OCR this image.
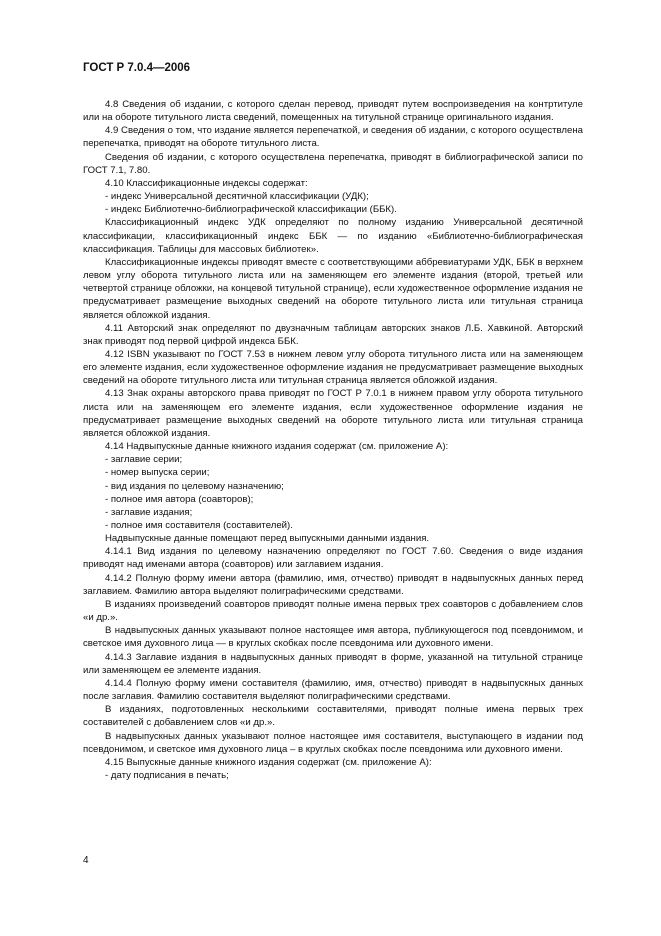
ГОСТ Р 7.0.4—2006

4.8 Сведения об издании, с которого сделан перевод, приводят путем воспроизведения на контртитуле или на обороте титульного листа сведений, помещенных на титульной странице оригинального издания.

4.9 Сведения о том, что издание является перепечаткой, и сведения об издании, с которого осуществлена перепечатка, приводят на обороте титульного листа.

Сведения об издании, с которого осуществлена перепечатка, приводят в библиографической записи по ГОСТ 7.1, 7.80.

4.10 Классификационные индексы содержат:

- индекс Универсальной десятичной классификации (УДК);

- индекс Библиотечно-библиографической классификации (ББК).

Классификационный индекс УДК определяют по полному изданию Универсальной десятичной классификации, классификационный индекс ББК — по изданию «Библиотечно-библиографическая классификация. Таблицы для массовых библиотек».

Классификационные индексы приводят вместе с соответствующими аббревиатурами УДК, ББК в верхнем левом углу оборота титульного листа или на заменяющем его элементе издания (второй, третьей или четвертой странице обложки, на концевой титульной странице), если художественное оформление издания не предусматривает размещение выходных сведений на обороте титульного листа или титульная страница является обложкой издания.

4.11 Авторский знак определяют по двузначным таблицам авторских знаков Л.Б. Хавкиной. Авторский знак приводят под первой цифрой индекса ББК.

4.12 ISBN указывают по ГОСТ 7.53 в нижнем левом углу оборота титульного листа или на заменяющем его элементе издания, если художественное оформление издания не предусматривает размещение выходных сведений на обороте титульного листа или титульная страница является обложкой издания.

4.13 Знак охраны авторского права приводят по ГОСТ Р 7.0.1 в нижнем правом углу оборота титульного листа или на заменяющем его элементе издания, если художественное оформление издания не предусматривает размещение выходных сведений на обороте титульного листа или титульная страница является обложкой издания.

4.14 Надвыпускные данные книжного издания содержат (см. приложение А):

- заглавие серии;

- номер выпуска серии;

- вид издания по целевому назначению;

- полное имя автора (соавторов);

- заглавие издания;

- полное имя составителя (составителей).

Надвыпускные данные помещают перед выпускными данными издания.

4.14.1 Вид издания по целевому назначению определяют по ГОСТ 7.60. Сведения о виде издания приводят над именами автора (соавторов) или заглавием издания.

4.14.2 Полную форму имени автора (фамилию, имя, отчество) приводят в надвыпускных данных перед заглавием. Фамилию автора выделяют полиграфическими средствами.

В изданиях произведений соавторов приводят полные имена первых трех соавторов с добавлением слов «и др.».

В надвыпускных данных указывают полное настоящее имя автора, публикующегося под псевдонимом, и светское имя духовного лица — в круглых скобках после псевдонима или духовного имени.

4.14.3 Заглавие издания в надвыпускных данных приводят в форме, указанной на титульной странице или заменяющем ее элементе издания.

4.14.4 Полную форму имени составителя (фамилию, имя, отчество) приводят в надвыпускных данных после заглавия. Фамилию составителя выделяют полиграфическими средствами.

В изданиях, подготовленных несколькими составителями, приводят полные имена первых трех составителей с добавлением слов «и др.».

В надвыпускных данных указывают полное настоящее имя составителя, выступающего в издании под псевдонимом, и светское имя духовного лица – в круглых скобках после псевдонима или духовного имени.

4.15 Выпускные данные книжного издания содержат (см. приложение А):

- дату подписания в печать;

4
